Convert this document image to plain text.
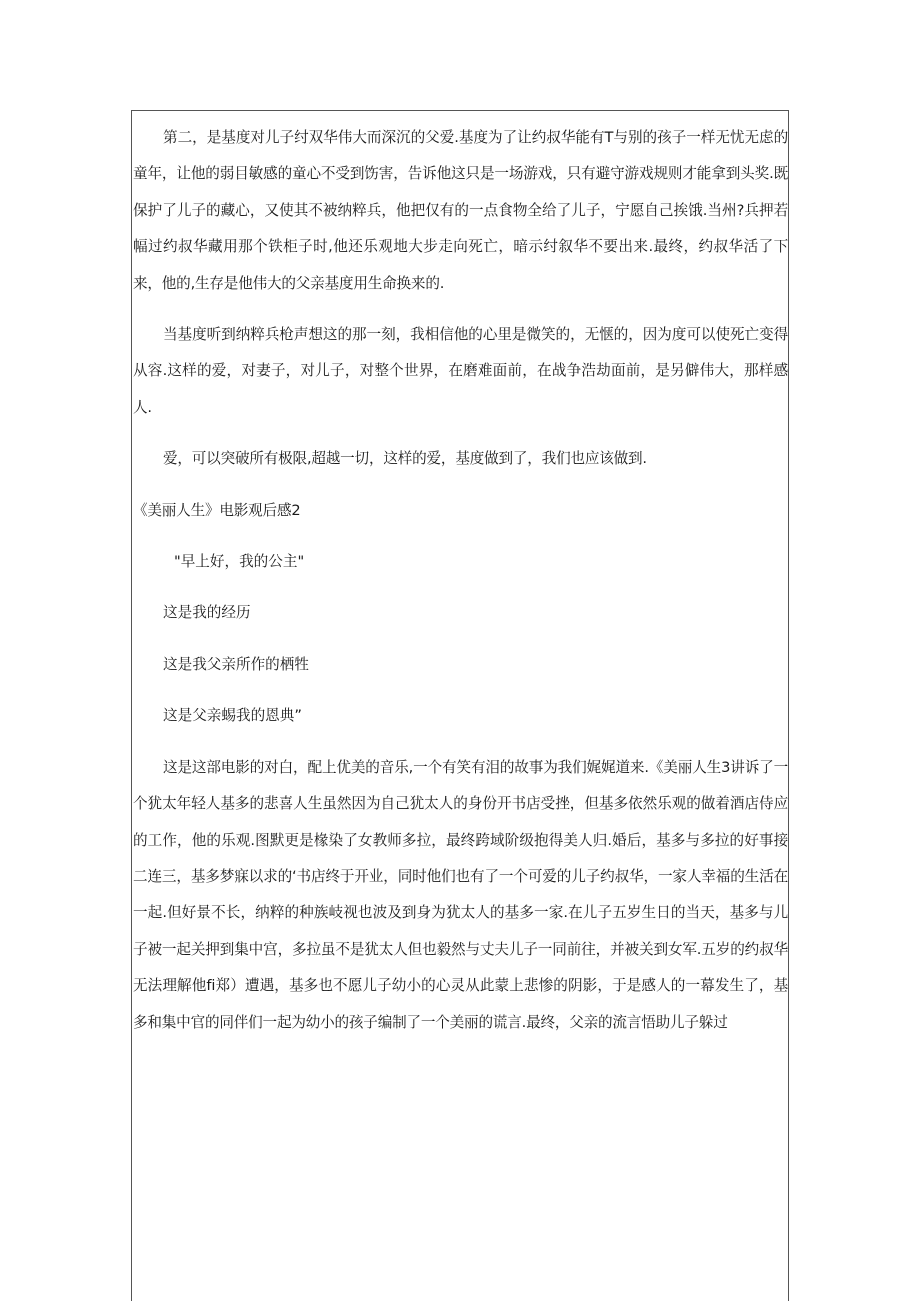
第二，是基度对儿子纣双华伟大而深沉的父爱.基度为了让约叔华能有T与别的孩子一样无忧无虑的童年，让他的弱目敏感的童心不受到饬害，告诉他这只是一场游戏，只有避守游戏规则才能拿到头奖.既保护了儿子的藏心，又使其不被纳粹兵，他把仅有的一点食物全给了儿子，宁愿自己挨饿.当州?兵押若幅过约叔华藏用那个铁柜子时,他还乐观地大步走向死亡，暗示纣叙华不要出来.最终，约叔华活了下来，他的,生存是他伟大的父亲基度用生命换来的.

当基度听到纳粹兵枪声想这的那一刻，我相信他的心里是微笑的，无惬的，因为度可以使死亡变得从容.这样的爱，对妻子，对儿子，对整个世界，在磨难面前，在战争浩劫面前，是另僻伟大，那样感人.

爱，可以突破所有极限,超越一切，这样的爱，基度做到了，我们也应该做到.

《美丽人生》电影观后感2
"早上好，我的公主"
这是我的经历
这是我父亲所作的栖牲
这是父亲蜴我的恩典”

这是这部电影的对白，配上优美的音乐,一个有笑有泪的故事为我们娓娓道来.《美丽人生3讲诉了一个犹太年轻人基多的悲喜人生虽然因为自己犹太人的身份开书店受挫，但基多依然乐观的做着酒店侍应的工作，他的乐观.图默更是椽染了女教师多拉，最终跨域阶级抱得美人归.婚后，基多与多拉的好事接二连三，基多梦寐以求的‘书店终于开业，同时他们也有了一个可爱的儿子约叔华，一家人幸福的生活在一起.但好景不长，纳粹的种族岐视也波及到身为犹太人的基多一家.在儿子五岁生日的当天，基多与儿子被一起关押到集中宫，多拉虽不是犹太人但也毅然与丈夫儿子一同前往，并被关到女军.五岁的约叔华无法理解他fi郑）遭遇，基多也不愿儿子幼小的心灵从此蒙上悲惨的阴影，于是感人的一幕发生了，基多和集中官的同伴们一起为幼小的孩子编制了一个美丽的谎言.最终，父亲的流言悟助儿子躲过
